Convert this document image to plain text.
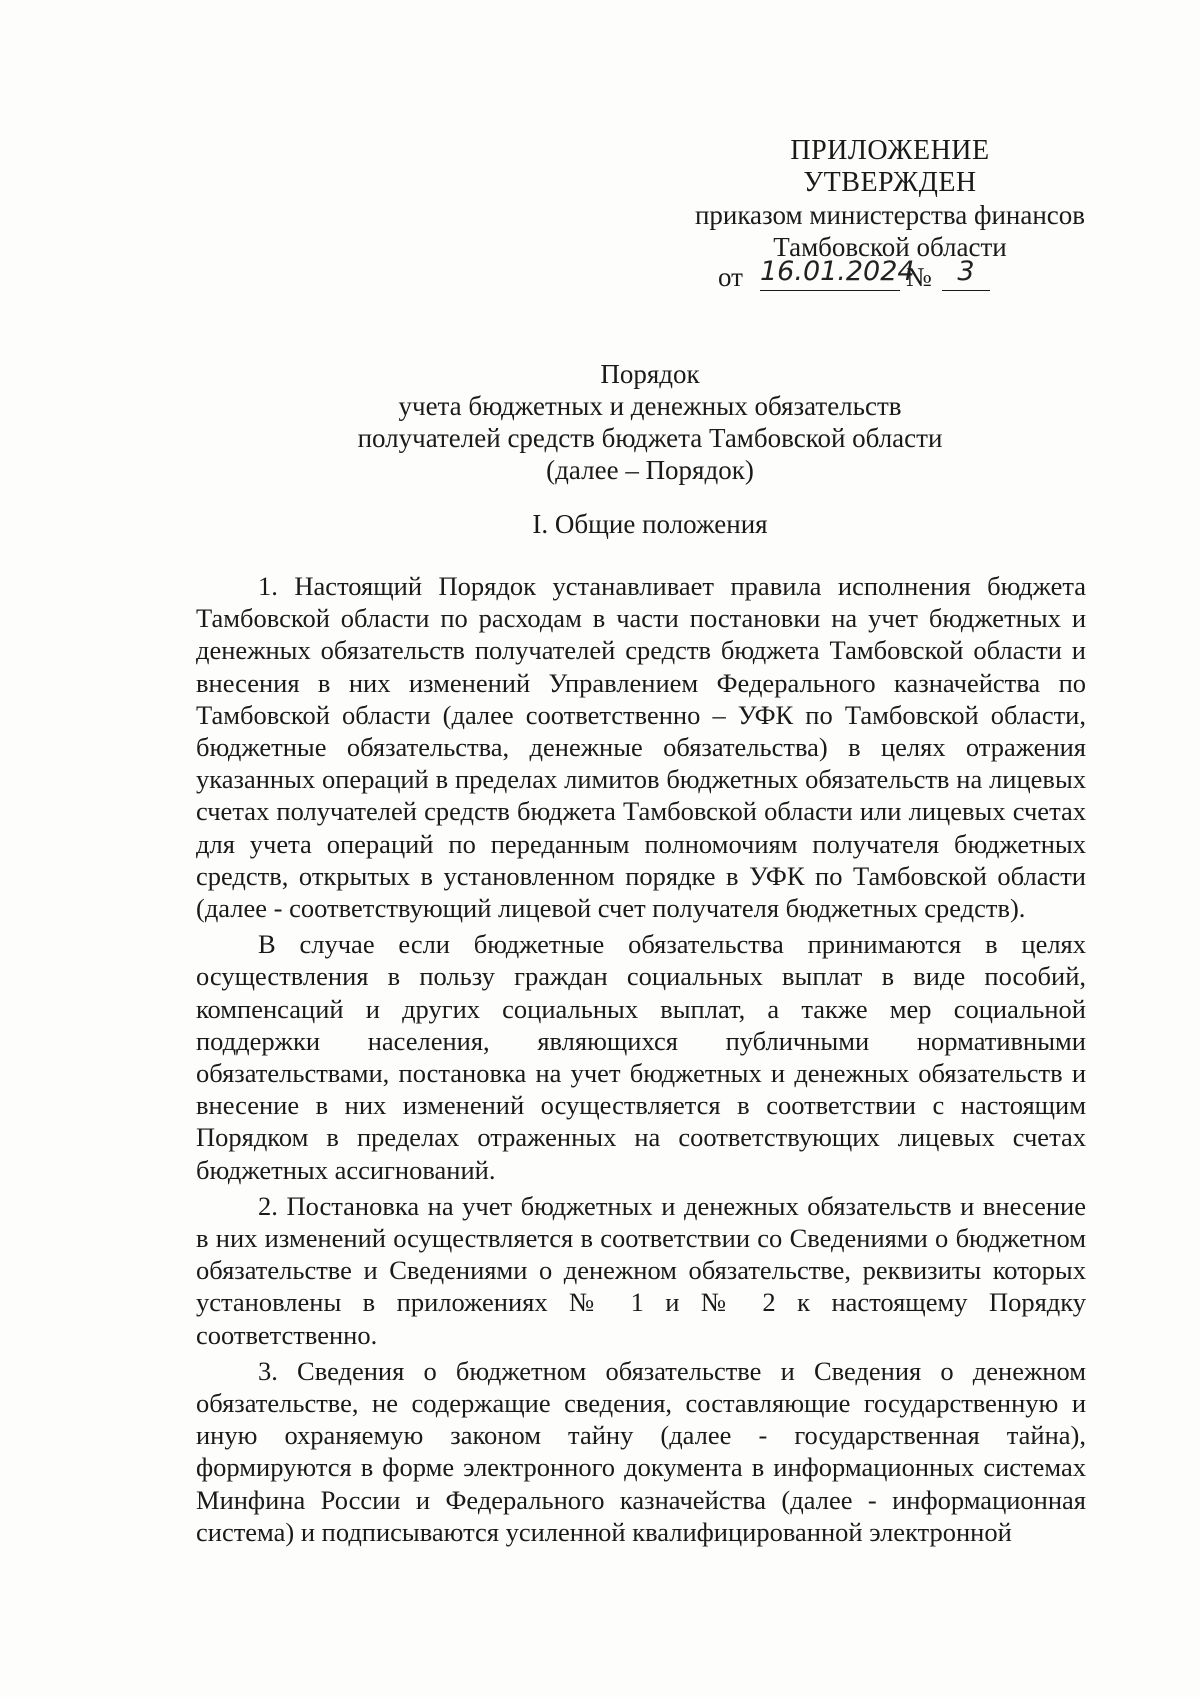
ПРИЛОЖЕНИЕ
УТВЕРЖДЕН
приказом министерства финансов
Тамбовской области
от 16.01.2024
№ 3
Порядок
учета бюджетных и денежных обязательств
получателей средств бюджета Тамбовской области
(далее – Порядок)
I. Общие положения

1. Настоящий Порядок устанавливает правила исполнения бюджета Тамбовской области по расходам в части постановки на учет бюджетных и денежных обязательств получателей средств бюджета Тамбовской области и внесения в них изменений Управлением Федерального казначейства по Тамбовской области (далее соответственно – УФК по Тамбовской области, бюджетные обязательства, денежные обязательства) в целях отражения указанных операций в пределах лимитов бюджетных обязательств на лицевых счетах получателей средств бюджета Тамбовской области или лицевых счетах для учета операций по переданным полномочиям получателя бюджетных средств, открытых в установленном порядке в УФК по Тамбовской области (далее - соответствующий лицевой счет получателя бюджетных средств).

В случае если бюджетные обязательства принимаются в целях осуществления в пользу граждан социальных выплат в виде пособий, компенсаций и других социальных выплат, а также мер социальной поддержки населения, являющихся публичными нормативными обязательствами, постановка на учет бюджетных и денежных обязательств и внесение в них изменений осуществляется в соответствии с настоящим Порядком в пределах отраженных на соответствующих лицевых счетах бюджетных ассигнований.

2. Постановка на учет бюджетных и денежных обязательств и внесение в них изменений осуществляется в соответствии со Сведениями о бюджетном обязательстве и Сведениями о денежном обязательстве, реквизиты которых установлены в приложениях № 1 и № 2 к настоящему Порядку соответственно.

3. Сведения о бюджетном обязательстве и Сведения о денежном обязательстве, не содержащие сведения, составляющие государственную и иную охраняемую законом тайну (далее - государственная тайна), формируются в форме электронного документа в информационных системах Минфина России и Федерального казначейства (далее - информационная система) и подписываются усиленной квалифицированной электронной
